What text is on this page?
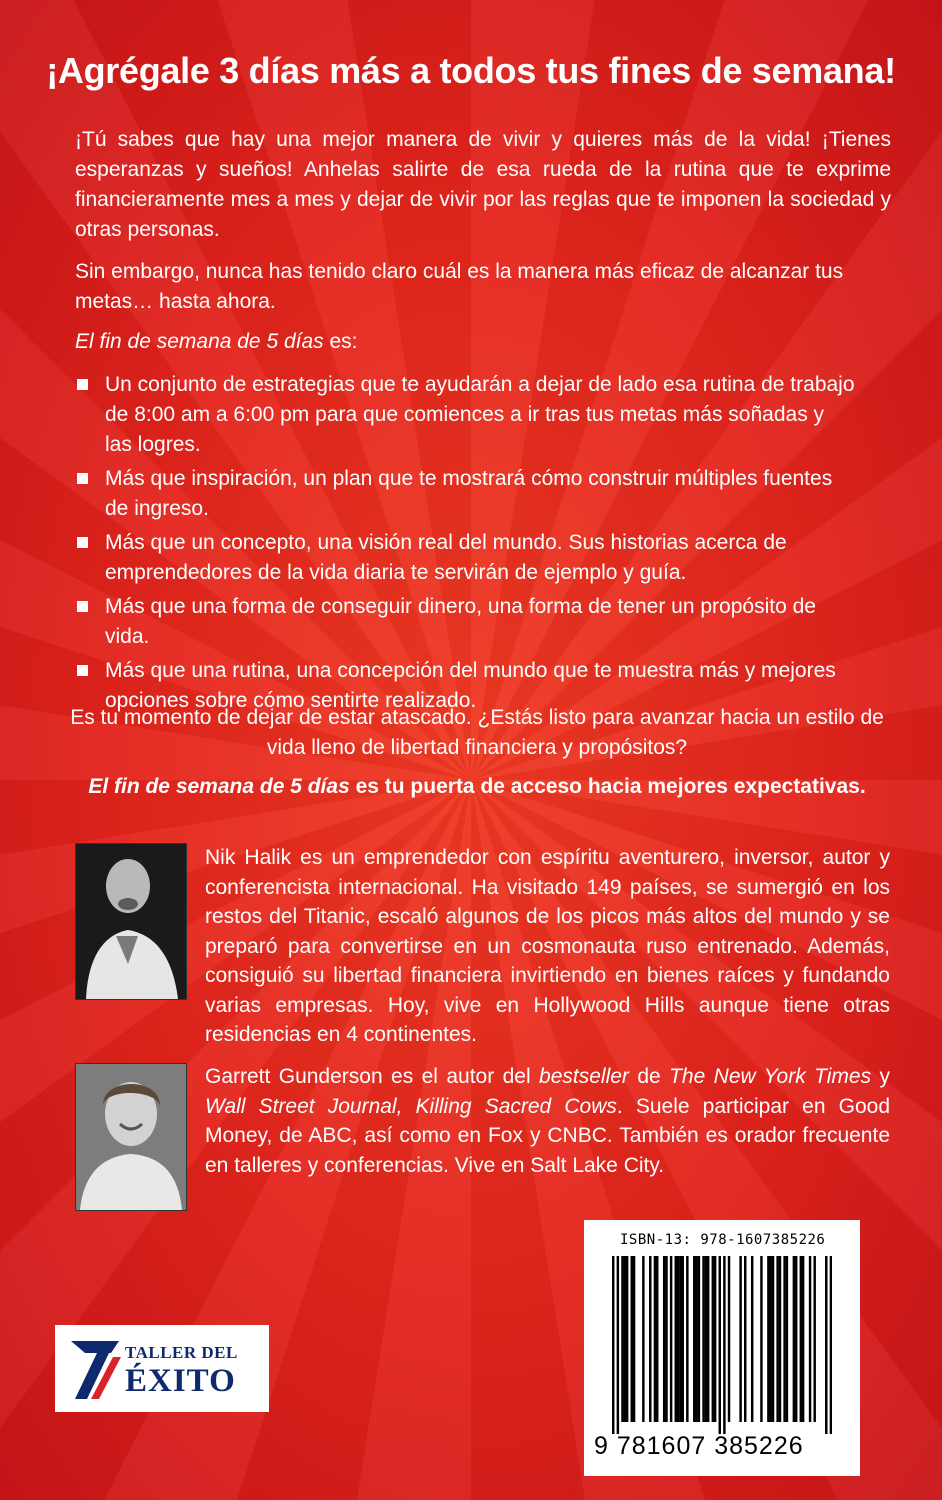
¡Agrégale 3 días más a todos tus fines de semana!

¡Tú sabes que hay una mejor manera de vivir y quieres más de la vida! ¡Tienes esperanzas y sueños! Anhelas salirte de esa rueda de la rutina que te exprime financieramente mes a mes y dejar de vivir por las reglas que te imponen la sociedad y otras personas.

Sin embargo, nunca has tenido claro cuál es la manera más eficaz de alcanzar tus metas… hasta ahora.

El fin de semana de 5 días es:

Un conjunto de estrategias que te ayudarán a dejar de lado esa rutina de trabajo de 8:00 am a 6:00 pm para que comiences a ir tras tus metas más soñadas y las logres.
Más que inspiración, un plan que te mostrará cómo construir múltiples fuentes de ingreso.
Más que un concepto, una visión real del mundo. Sus historias acerca de emprendedores de la vida diaria te servirán de ejemplo y guía.
Más que una forma de conseguir dinero, una forma de tener un propósito de vida.
Más que una rutina, una concepción del mundo que te muestra más y mejores opciones sobre cómo sentirte realizado.

Es tu momento de dejar de estar atascado. ¿Estás listo para avanzar hacia un estilo de vida lleno de libertad financiera y propósitos?

El fin de semana de 5 días es tu puerta de acceso hacia mejores expectativas.

Nik Halik es un emprendedor con espíritu aventurero, inversor, autor y conferencista internacional. Ha visitado 149 países, se sumergió en los restos del Titanic, escaló algunos de los picos más altos del mundo y se preparó para convertirse en un cosmonauta ruso entrenado. Además, consiguió su libertad financiera invirtiendo en bienes raíces y fundando varias empresas. Hoy, vive en Hollywood Hills aunque tiene otras residencias en 4 continentes.

Garrett Gunderson es el autor del bestseller de The New York Times y Wall Street Journal, Killing Sacred Cows. Suele participar en Good Money, de ABC, así como en Fox y CNBC. También es orador frecuente en talleres y conferencias. Vive en Salt Lake City.

TALLER DEL
ÉXITO
ISBN-13: 978-1607385226
9 781607 385226
